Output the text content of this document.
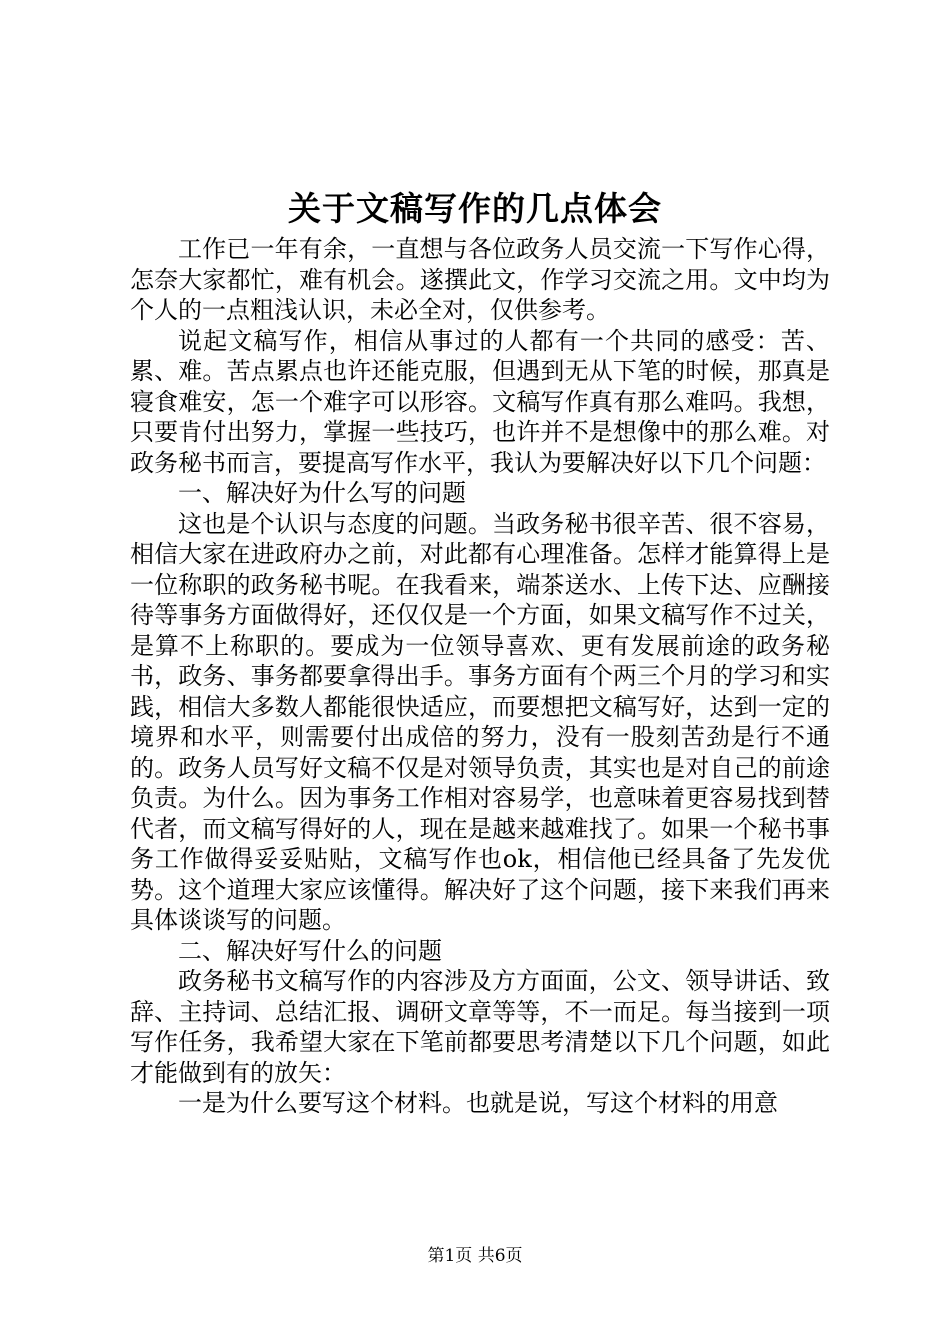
关于文稿写作的几点体会

工作已一年有余，一直想与各位政务人员交流一下写作心得，怎奈大家都忙，难有机会。遂撰此文，作学习交流之用。文中均为个人的一点粗浅认识，未必全对，仅供参考。

说起文稿写作，相信从事过的人都有一个共同的感受：苦、累、难。苦点累点也许还能克服，但遇到无从下笔的时候，那真是寝食难安，怎一个难字可以形容。文稿写作真有那么难吗。我想，只要肯付出努力，掌握一些技巧，也许并不是想像中的那么难。对政务秘书而言，要提高写作水平，我认为要解决好以下几个问题：

一、解决好为什么写的问题

这也是个认识与态度的问题。当政务秘书很辛苦、很不容易，相信大家在进政府办之前，对此都有心理准备。怎样才能算得上是一位称职的政务秘书呢。在我看来，端茶送水、上传下达、应酬接待等事务方面做得好，还仅仅是一个方面，如果文稿写作不过关，是算不上称职的。要成为一位领导喜欢、更有发展前途的政务秘书，政务、事务都要拿得出手。事务方面有个两三个月的学习和实践，相信大多数人都能很快适应，而要想把文稿写好，达到一定的境界和水平，则需要付出成倍的努力，没有一股刻苦劲是行不通的。政务人员写好文稿不仅是对领导负责，其实也是对自己的前途负责。为什么。因为事务工作相对容易学，也意味着更容易找到替代者，而文稿写得好的人，现在是越来越难找了。如果一个秘书事务工作做得妥妥贴贴，文稿写作也ok，相信他已经具备了先发优势。这个道理大家应该懂得。解决好了这个问题，接下来我们再来具体谈谈写的问题。

二、解决好写什么的问题

政务秘书文稿写作的内容涉及方方面面，公文、领导讲话、致辞、主持词、总结汇报、调研文章等等，不一而足。每当接到一项写作任务，我希望大家在下笔前都要思考清楚以下几个问题，如此才能做到有的放矢：

一是为什么要写这个材料。也就是说，写这个材料的用意

第1页 共6页
